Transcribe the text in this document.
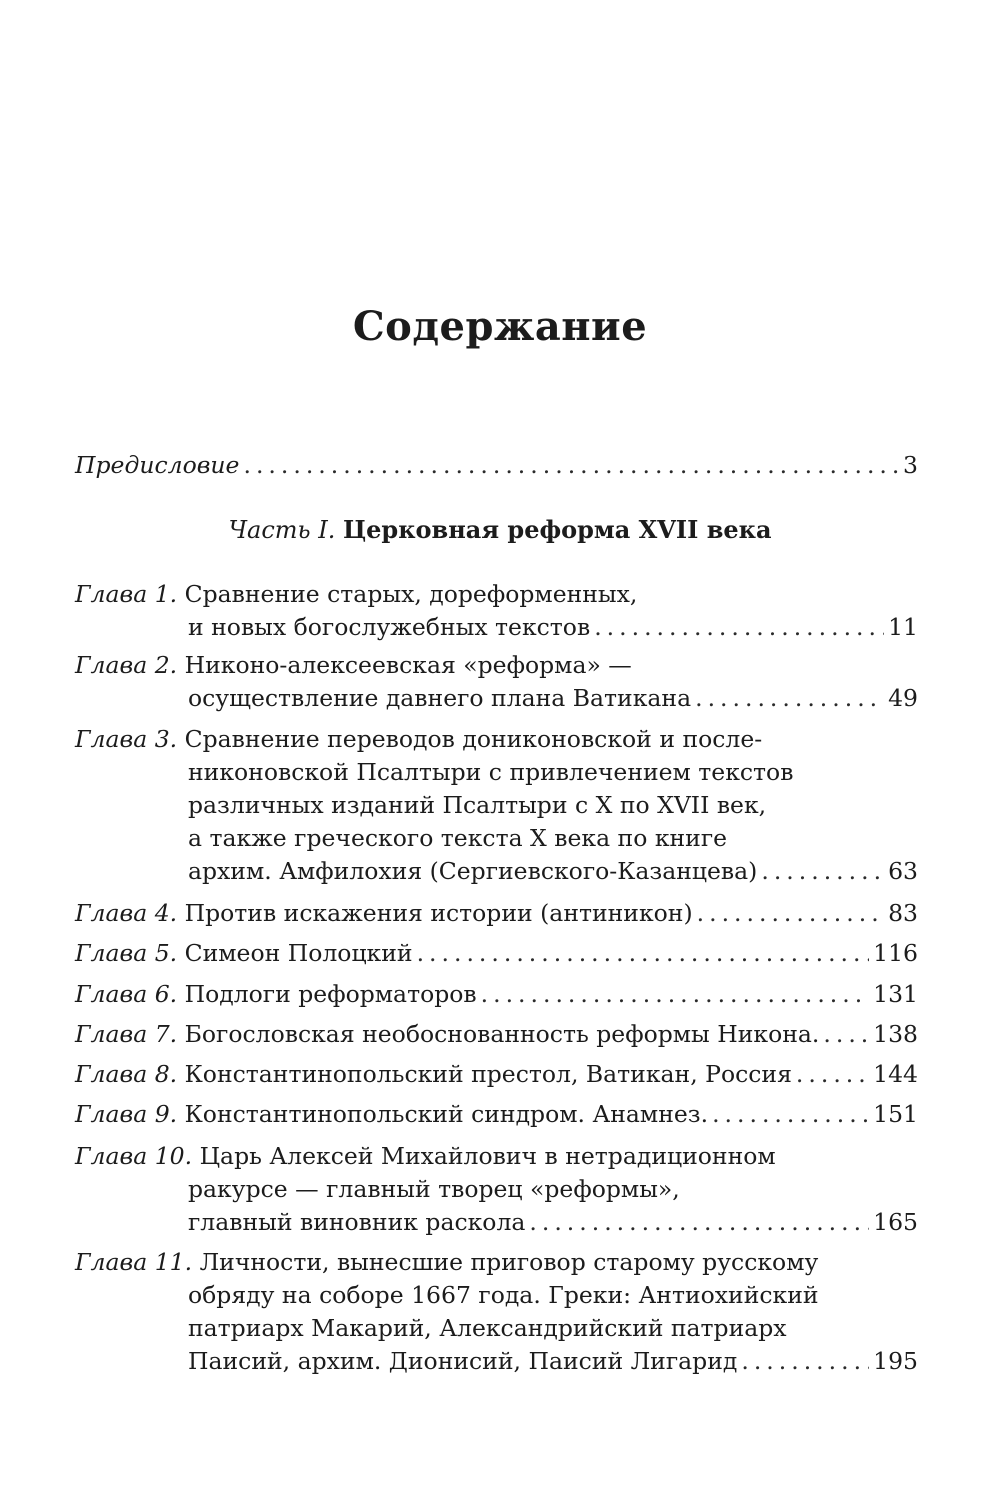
Содержание
Предисловие .....	3
Часть I. Церковная реформа XVII века
Глава 1. Сравнение старых, дореформенных,
и новых богослужебных текстов .....	11
Глава 2. Никоно-алексеевская «реформа» —
осуществление давнего плана Ватикана .....	49
Глава 3. Сравнение переводов дониконовской и после-
никоновской Псалтыри с привлечением текстов
различных изданий Псалтыри с X по XVII век,
а также греческого текста X века по книге
архим. Амфилохия (Сергиевского-Казанцева) .....	63
Глава 4. Против искажения истории (антиникон) .....	83
Глава 5. Симеон Полоцкий .....	116
Глава 6. Подлоги реформаторов .....	131
Глава 7. Богословская необоснованность реформы Никона. ..... 138
Глава 8. Константинопольский престол, Ватикан, Россия .....	144
Глава 9. Константинопольский синдром. Анамнез. .....	151
Глава 10. Царь Алексей Михайлович в нетрадиционном
ракурсе — главный творец «реформы»,
главный виновник раскола .....	165
Глава 11. Личности, вынесшие приговор старому русскому
обряду на соборе 1667 года. Греки: Антиохийский
патриарх Макарий, Александрийский патриарх
Паисий, архим. Дионисий, Паисий Лигарид .....	195
